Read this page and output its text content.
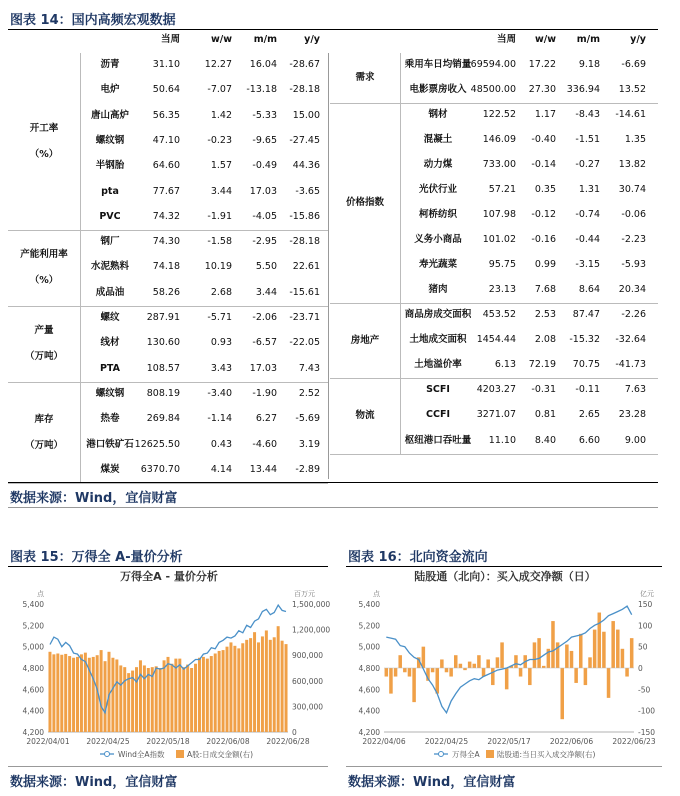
图表 14：国内高频宏观数据
当周	w/w	m/m	y/y	当周	w/w	m/m	y/y
沥青	31.10	12.27	16.04	-28.67
电炉	50.64	-7.07	-13.18	-28.18
唐山高炉	56.35	1.42	-5.33	15.00
螺纹钢	47.10	-0.23	-9.65	-27.45
半钢胎	64.60	1.57	-0.49	44.36
pta	77.67	3.44	17.03	-3.65
PVC	74.32	-1.91	-4.05	-15.86
开工率
（%）
钢厂	74.30	-1.58	-2.95	-28.18
水泥熟料	74.18	10.19	5.50	22.61
成品油	58.26	2.68	3.44	-15.61
产能利用率
（%）
螺纹	287.91	-5.71	-2.06	-23.71
线材	130.60	0.93	-6.57	-22.05
PTA	108.57	3.43	17.03	7.43
产量
（万吨）
螺纹钢	808.19	-3.40	-1.90	2.52
热卷	269.84	-1.14	6.27	-5.69
港口铁矿石 12625.50	0.43	-4.60	3.19
煤炭	6370.70	4.14	13.44	-2.89
库存
（万吨）
乘用车日均销量 69594.00	17.22	9.18	-6.69
电影票房收入 48500.00	27.30	336.94	13.52
需求
钢材	122.52	1.17	-8.43	-14.61
混凝土	146.09	-0.40	-1.51	1.35
动力煤	733.00	-0.14	-0.27	13.82
光伏行业	57.21	0.35	1.31	30.74
柯桥纺织	107.98	-0.12	-0.74	-0.06
义务小商品	101.02	-0.16	-0.44	-2.23
寿光蔬菜	95.75	0.99	-3.15	-5.93
猪肉	23.13	7.68	8.64	20.34
价格指数
商品房成交面积	453.52	2.53	87.47	-2.26
土地成交面积	1454.44	2.08	-15.32	-32.64
土地溢价率	6.13	72.19	70.75	-41.73
房地产
SCFI	4203.27	-0.31	-0.11	7.63
CCFI	3271.07	0.81	2.65	23.28
枢纽港口吞吐量	11.10	8.40	6.60	9.00
物流
数据来源：Wind，宜信财富
图表 15：万得全 A-量价分析
万得全A - 量价分析
点	百万元
5,400
5,200
5,000
4,800
4,600
4,400
4,200
1,500,000
1,200,000
900,000
600,000
300,000
0
2022/04/01 2022/04/25 2022/05/18 2022/06/08 2022/06/28
Wind全A指数	A股:日成交金额(右)
数据来源：Wind，宜信财富
图表 16：北向资金流向
陆股通（北向）：买入成交净额（日）
点	亿元
5,400
5,200
5,000
4,800
4,600
4,400
4,200
150
100
50
0
-50
-100
-150
2022/04/06	2022/04/25	2022/05/17	2022/06/06	2022/06/23
万得全A 陆股通:当日买入成交净额(右)
数据来源：Wind，宜信财富
